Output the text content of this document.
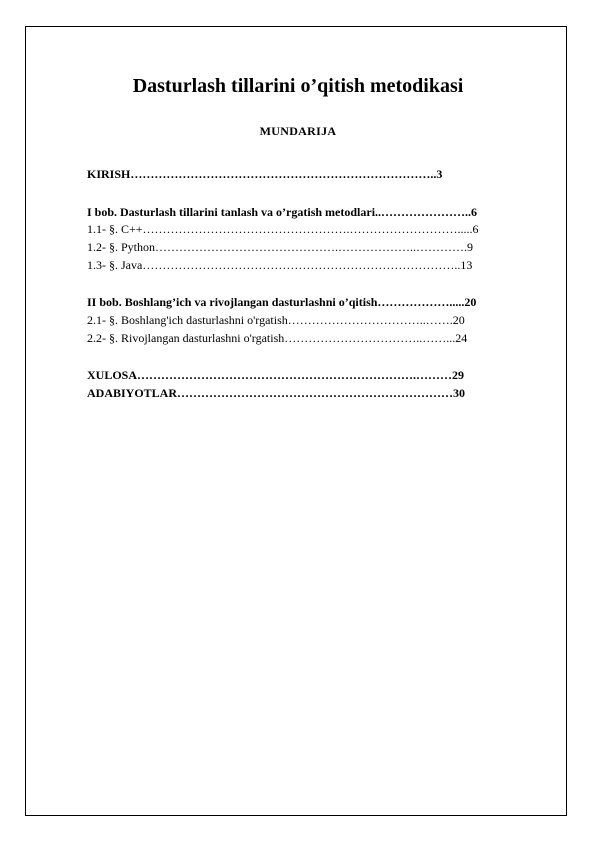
Dasturlash tillarini o’qitish metodikasi
MUNDARIJA
KIRISH…………………………………………………………………..3
I bob. Dasturlash tillarini tanlash va o’rgatish metodlari..…………………..6
1.1- §. C++…………………………………………….……………………….....6
1.2- §. Python……………………………………….………………..………….9
1.3- §. Java……………………………………………………………………..13
II bob. Boshlang’ich va rivojlangan dasturlashni o’qitish……………….....20
2.1- §. Boshlang'ich dasturlashni o'rgatish……………………………..…….20
2.2- §. Rivojlangan dasturlashni o'rgatish……………………………..……...24
XULOSA…………………………………………………………….………29
ADABIYOTLAR……………………………………………………………30
